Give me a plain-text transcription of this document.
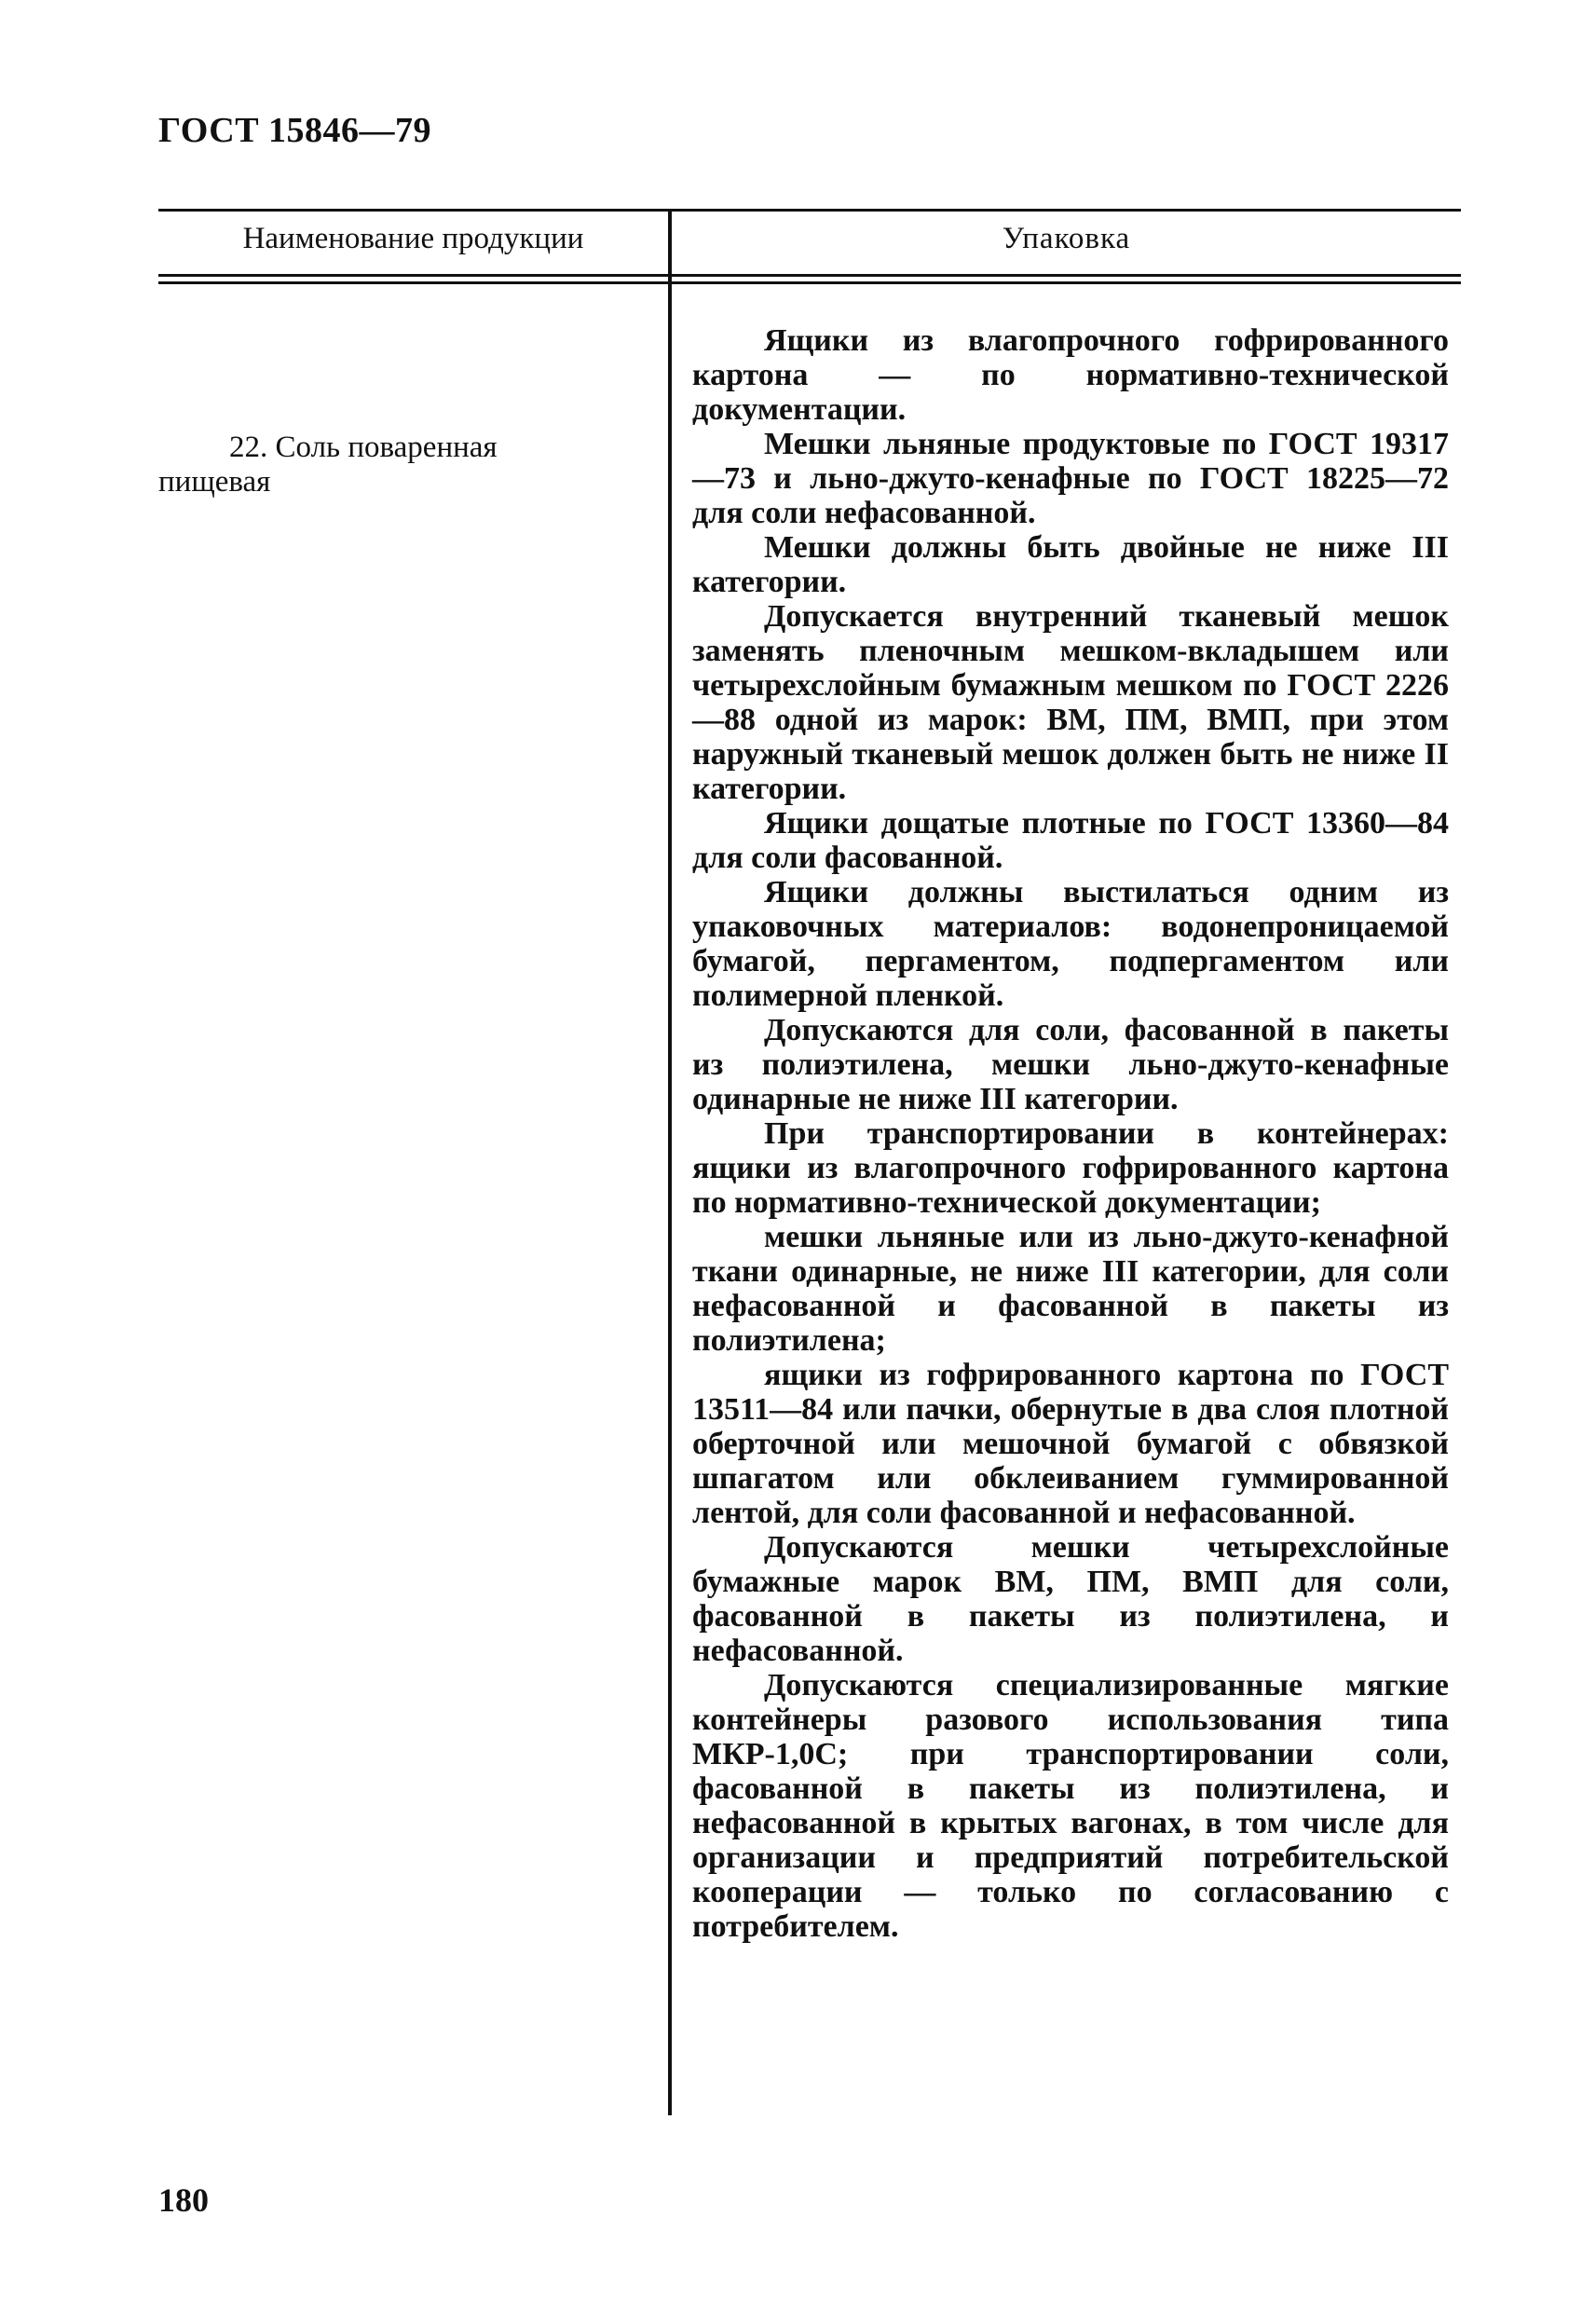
ГОСТ 15846—79
Наименование продукции	Упаковка
22. Соль поваренная
пищевая

Ящики из влагопрочного гофрированного картона — по нормативно-технической документации.

Мешки льняные продуктовые по ГОСТ 19317—73 и льно-джуто-кенафные по ГОСТ 18225—72 для соли нефасованной.

Мешки должны быть двойные не ниже III категории.

Допускается внутренний тканевый мешок заменять пленочным мешком-вкладышем или четырехслойным бумажным мешком по ГОСТ 2226—88 одной из марок: ВМ, ПМ, ВМП, при этом наружный тканевый мешок должен быть не ниже II категории.

Ящики дощатые плотные по ГОСТ 13360—84 для соли фасованной.

Ящики должны выстилаться одним из упаковочных материалов: водонепроницаемой бумагой, пергаментом, подпергаментом или полимерной пленкой.

Допускаются для соли, фасованной в пакеты из полиэтилена, мешки льно-джуто-кенафные одинарные не ниже III категории.

При транспортировании в контейнерах: ящики из влагопрочного гофрированного картона по нормативно-технической документации;

мешки льняные или из льно-джуто-кенафной ткани одинарные, не ниже III категории, для соли нефасованной и фасованной в пакеты из полиэтилена;

ящики из гофрированного картона по ГОСТ 13511—84 или пачки, обернутые в два слоя плотной оберточной или мешочной бумагой с обвязкой шпагатом или обклеиванием гуммированной лентой, для соли фасованной и нефасованной.

Допускаются мешки четырехслойные бумажные марок ВМ, ПМ, ВМП для соли, фасованной в пакеты из полиэтилена, и нефасованной.

Допускаются специализированные мягкие контейнеры разового использования типа МКР-1,0С; при транспортировании соли, фасованной в пакеты из полиэтилена, и нефасованной в крытых вагонах, в том числе для организации и предприятий потребительской кооперации — только по согласованию с потребителем.

180
